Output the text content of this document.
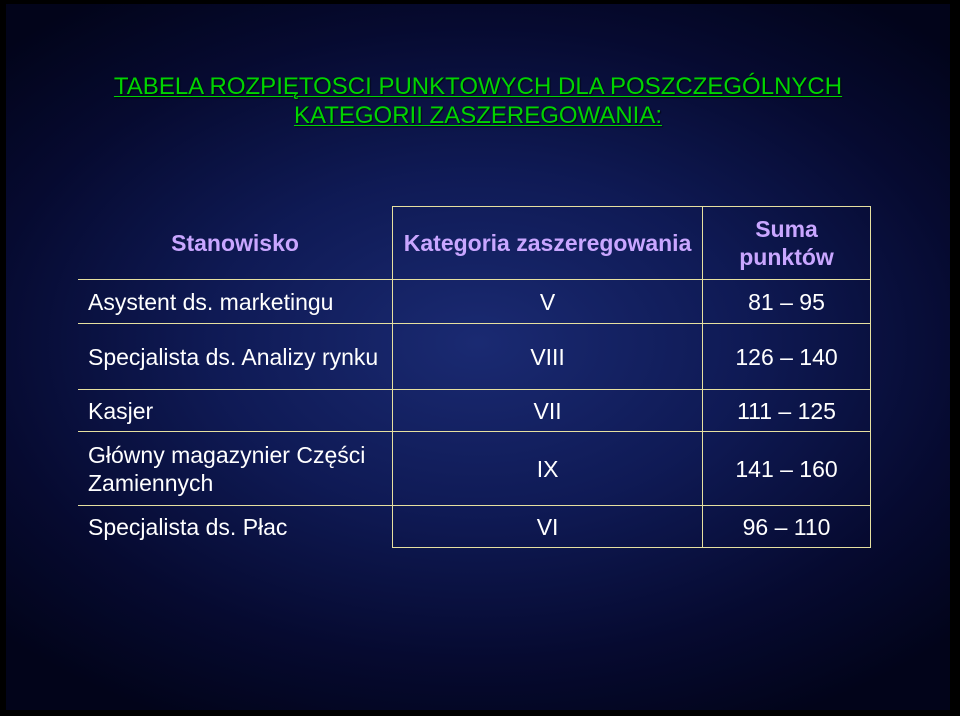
TABELA ROZPIĘTOSCI PUNKTOWYCH DLA POSZCZEGÓLNYCH
KATEGORII ZASZEREGOWANIA:
Stanowisko	Kategoria zaszeregowania	Suma punktów
Asystent ds. marketingu	V	81 – 95
Specjalista ds. Analizy rynku	VIII	126 – 140
Kasjer	VII	111 – 125
Główny magazynier Części Zamiennych	IX	141 – 160
Specjalista ds. Płac	VI	96 – 110
